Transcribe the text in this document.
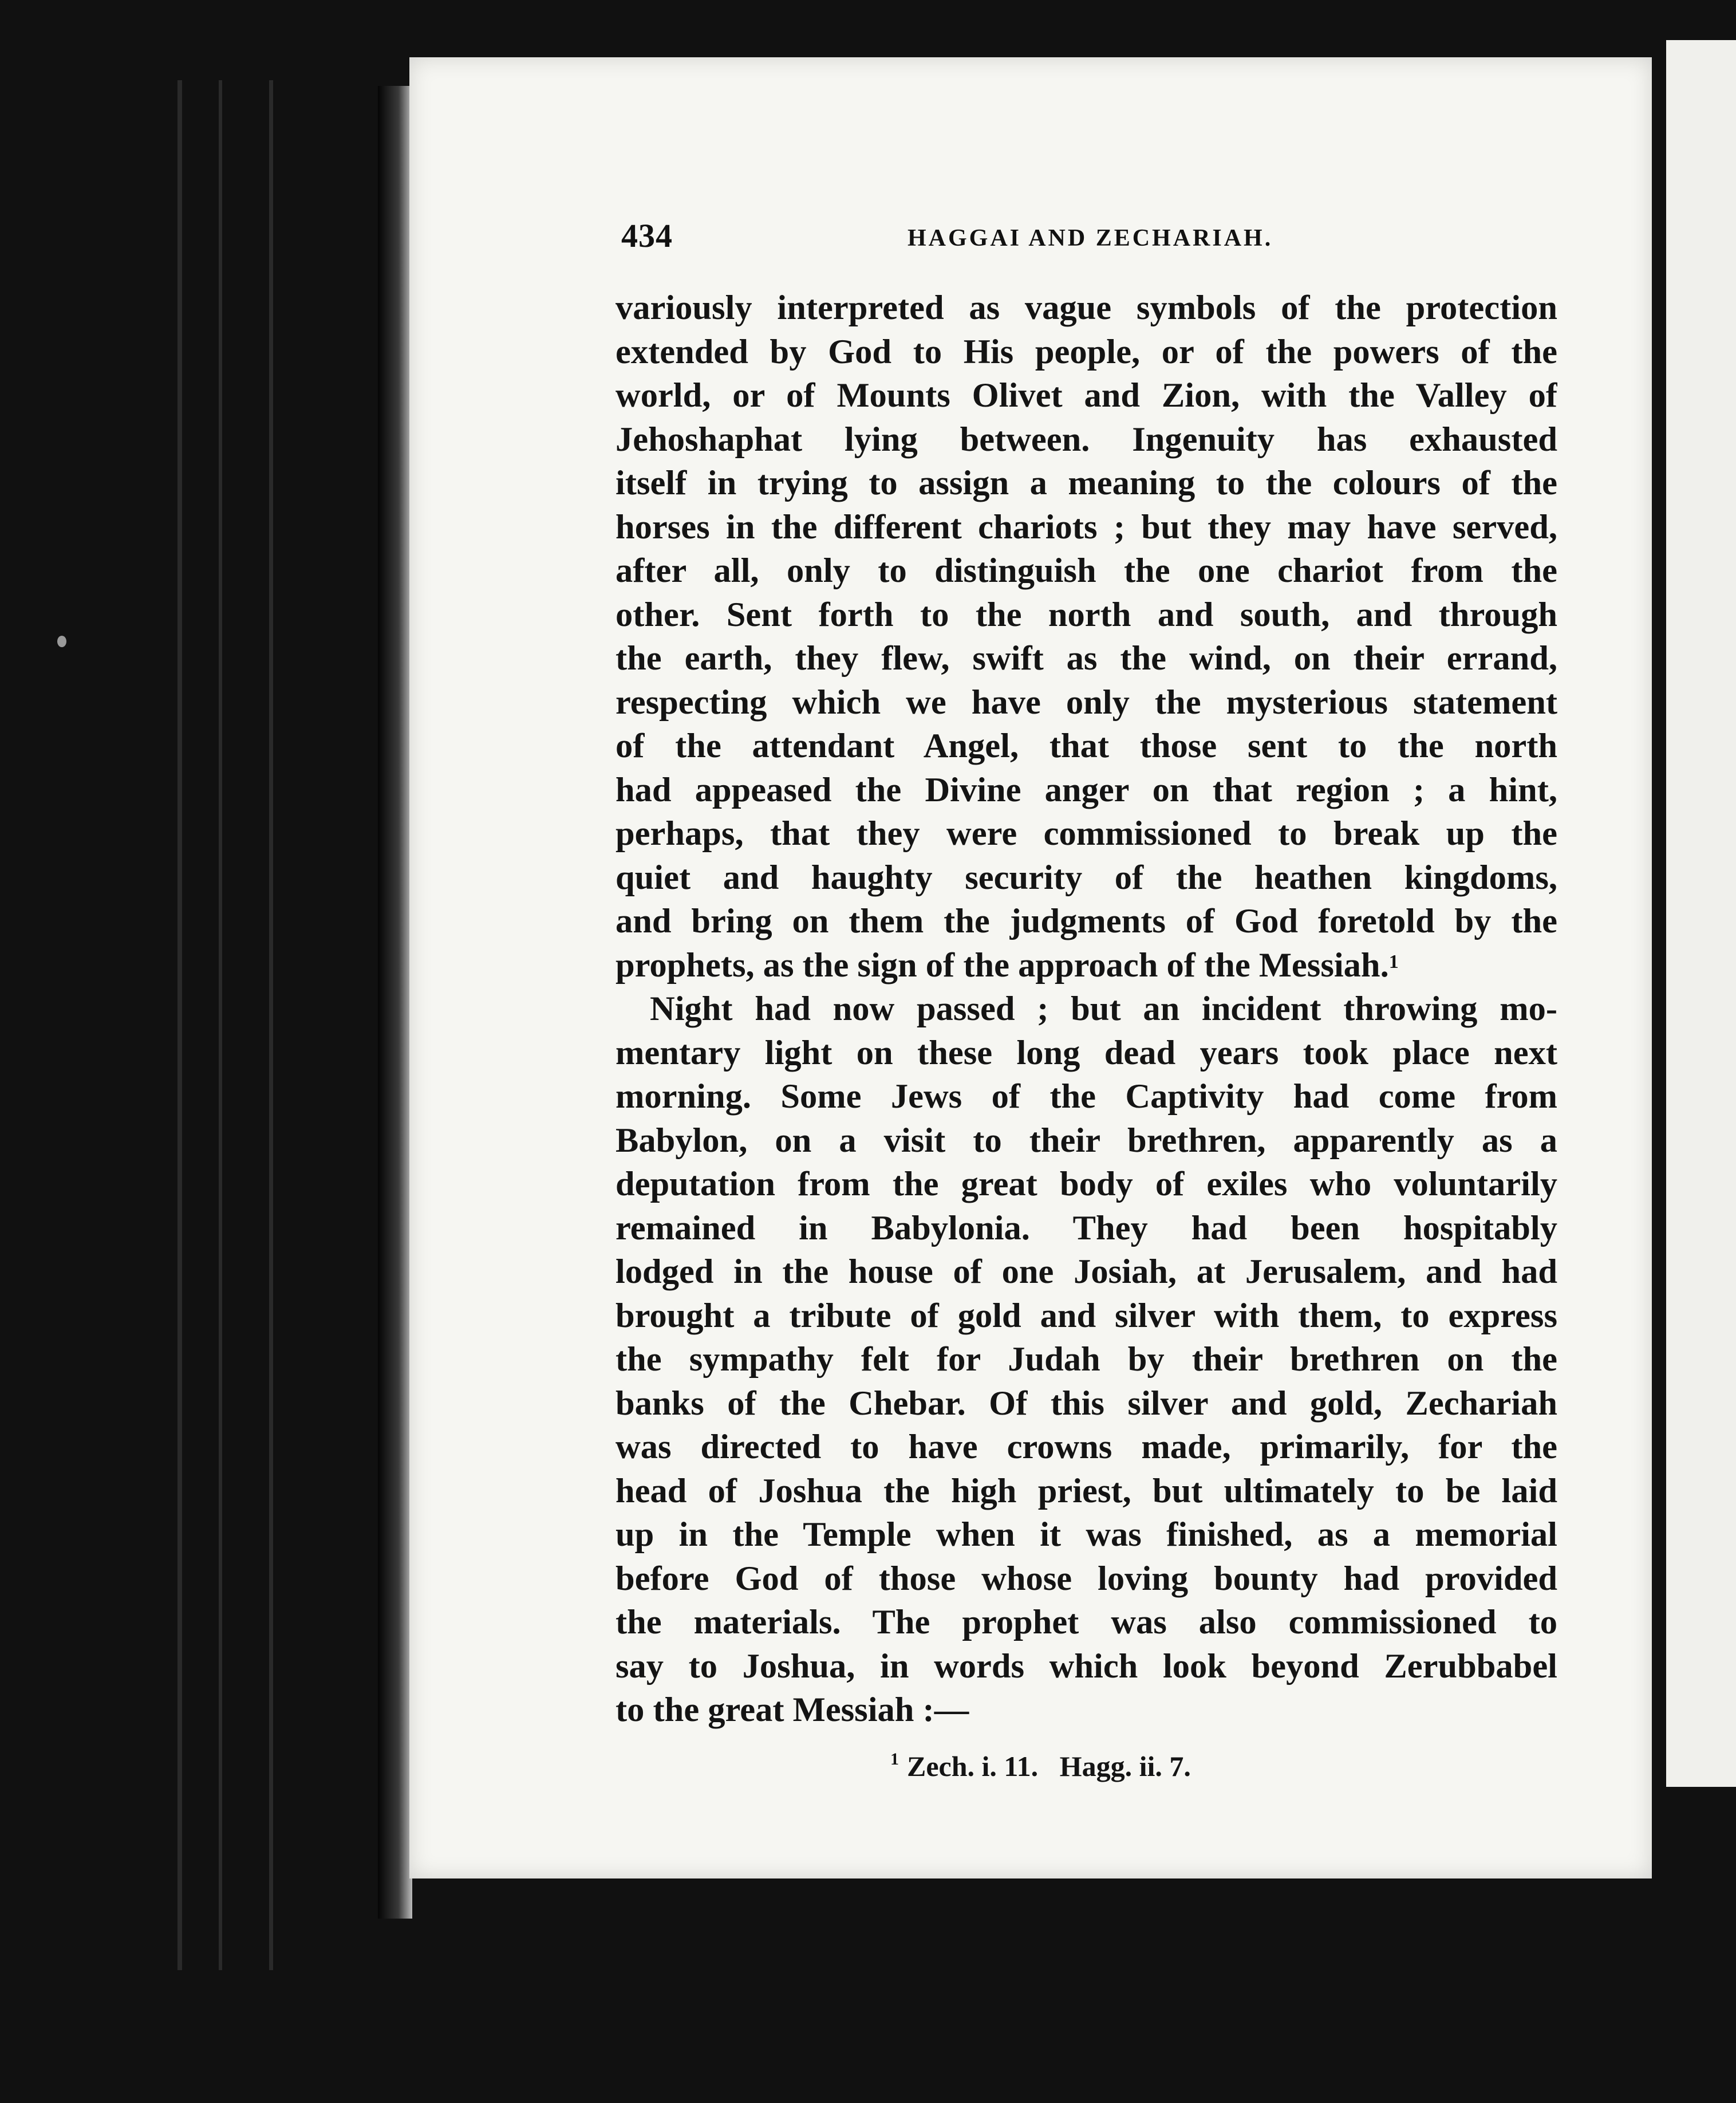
434	HAGGAI AND ZECHARIAH.
variously interpreted as vague symbols of the protection
extended by God to His people, or of the powers of the
world, or of Mounts Olivet and Zion, with the Valley of
Jehoshaphat lying between. Ingenuity has exhausted
itself in trying to assign a meaning to the colours of the
horses in the different chariots ; but they may have served,
after all, only to distinguish the one chariot from the
other. Sent forth to the north and south, and through
the earth, they flew, swift as the wind, on their errand,
respecting which we have only the mysterious statement
of the attendant Angel, that those sent to the north
had appeased the Divine anger on that region ; a hint,
perhaps, that they were commissioned to break up the
quiet and haughty security of the heathen kingdoms,
and bring on them the judgments of God foretold by the
prophets, as the sign of the approach of the Messiah.$^1$
Night had now passed ; but an incident throwing mo-
mentary light on these long dead years took place next
morning. Some Jews of the Captivity had come from
Babylon, on a visit to their brethren, apparently as a
deputation from the great body of exiles who voluntarily
remained in Babylonia. They had been hospitably
lodged in the house of one Josiah, at Jerusalem, and had
brought a tribute of gold and silver with them, to express
the sympathy felt for Judah by their brethren on the
banks of the Chebar. Of this silver and gold, Zechariah
was directed to have crowns made, primarily, for the
head of Joshua the high priest, but ultimately to be laid
up in the Temple when it was finished, as a memorial
before God of those whose loving bounty had provided
the materials. The prophet was also commissioned to
say to Joshua, in words which look beyond Zerubbabel
to the great Messiah :—
$^1$ Zech. i. 11.   Hagg. ii. 7.
